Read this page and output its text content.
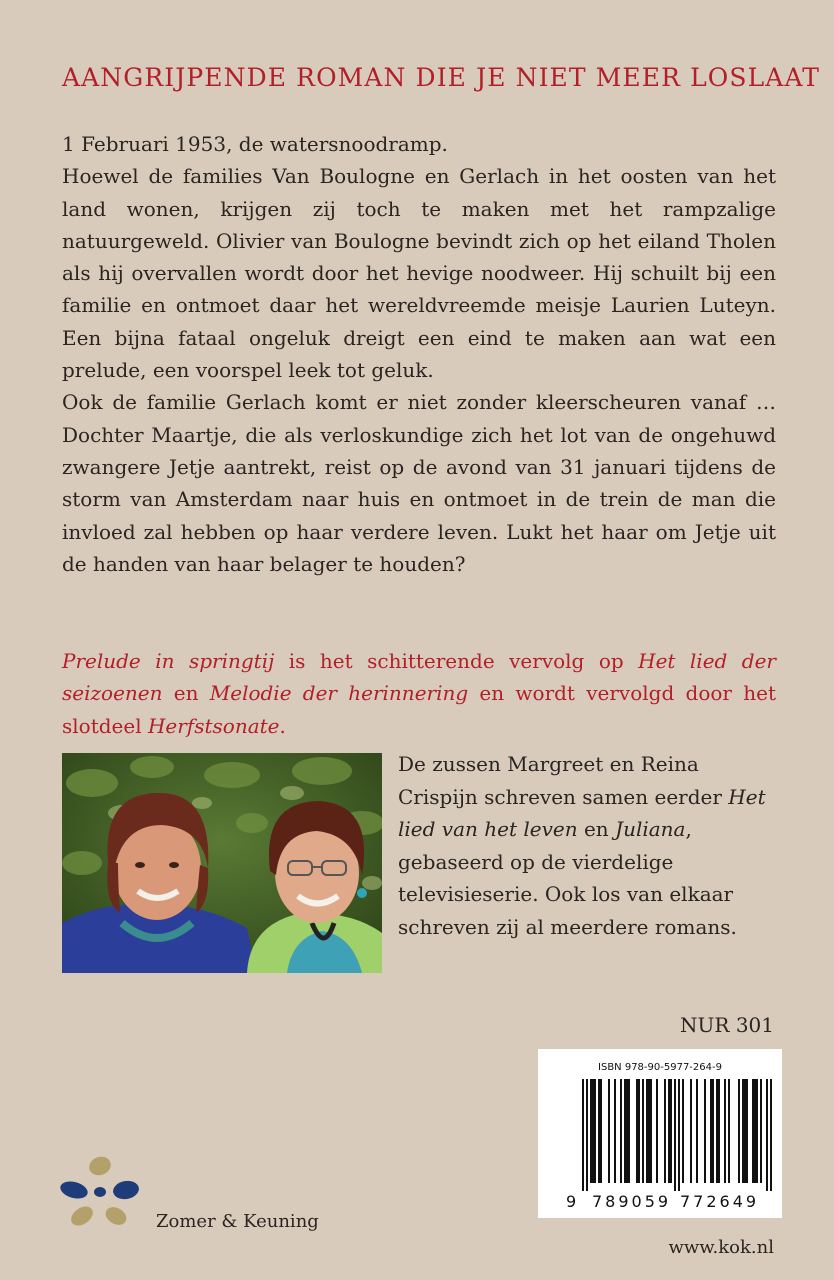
AANGRIJPENDE ROMAN DIE JE NIET MEER LOSLAAT

1 Februari 1953, de watersnoodramp.

Hoewel de families Van Boulogne en Gerlach in het oosten van het land wonen, krijgen zij toch te maken met het rampzalige natuurgeweld. Olivier van Boulogne bevindt zich op het eiland Tholen als hij overvallen wordt door het hevige noodweer. Hij schuilt bij een familie en ontmoet daar het wereldvreemde meisje Laurien Luteyn. Een bijna fataal ongeluk dreigt een eind te maken aan wat een prelude, een voorspel leek tot geluk.

Ook de familie Gerlach komt er niet zonder kleerscheuren vanaf … Dochter Maartje, die als verloskundige zich het lot van de ongehuwd zwangere Jetje aantrekt, reist op de avond van 31 januari tijdens de storm van Amsterdam naar huis en ontmoet in de trein de man die invloed zal hebben op haar verdere leven. Lukt het haar om Jetje uit de handen van haar belager te houden?

Prelude in springtij is het schitterende vervolg op Het lied der seizoenen en Melodie der herinnering en wordt vervolgd door het slotdeel Herfstsonate.

De zussen Margreet en Reina Crispijn schreven samen eerder Het lied van het leven en Juliana, gebaseerd op de vierdelige televisieserie. Ook los van elkaar schreven zij al meerdere romans.

NUR 301
ISBN 978-90-5977-264-9
9 789059 772649
Zomer & Keuning
www.kok.nl
